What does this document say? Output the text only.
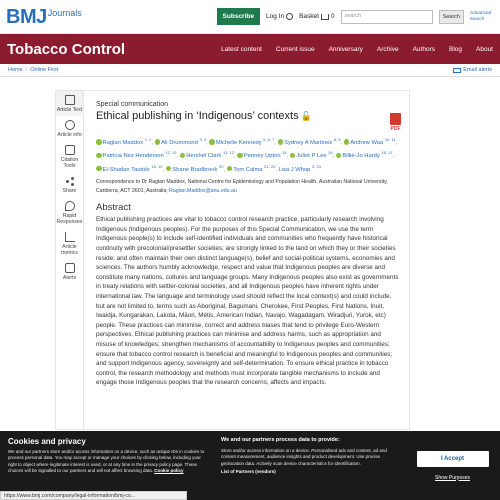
BMJ Journals	Subscribe	Log In Basket 0	search	Search
Advanced search
Tobacco Control	Latest content Current issue Anniversary Archive Authors Blog About
Home / Online First	Email alerts
Article Text
Article info
Citation Tools
Share
Rapid Responses
Article metrics
Alerts
Special communication
Ethical publishing in ‘Indigenous’ contexts 🔓
PDF
Raglan Maddox $^{1, 2}$, Ali Drummond $^{3, 4}$, Michelle Kennedy $^{5, 6, 7}$, Sydney A Martinez $^{8, 9}$, Andrew Waa $^{10, 11}$, Patricia Nez Henderson $^{12, 13}$, Hershel Clark $^{13, 12}$, Penney Upton $^{14}$, Juliet P Lee $^{15}$, Billie-Jo Hardy $^{16, 17}$, El-Shadan Tautolo $^{18, 19}$, Shane Bradbrook $^{20}$, Tom Calma $^{21, 22}$, Lisa J Whop $^{2, 23}$
Correspondence to Dr Raglan Maddox, National Centre for Epidemiology and Population Health, Australian National University, Canberra, ACT 2601, Australia; Raglan.Maddox@anu.edu.au
Abstract
Ethical publishing practices are vital to tobacco control research practice, particularly research involving Indigenous (Indigenous peoples). For the purposes of this Special Communication, we use the term Indigenous people(s) to include self-identified individuals and communities who frequently have historical continuity with precolonial/presettler societies; are strongly linked to the land on which they or their societies reside; and often maintain their own distinct language(s), belief and social-political systems, economies and sciences. The authors humbly acknowledge, respect and value that Indigenous peoples are diverse and constitute many nations, cultures and language groups. Many Indigenous peoples also exist as governments in treaty relations with settler-colonial societies, and all Indigenous peoples have inherent rights under international law. The language and terminology used should reflect the local context(s) and could include, but are not limited to, terms such as Aboriginal, Bagumani, Cherokee, First Peoples, First Nations, Inuit, Iwaidja, Kungarakan, Lakota, Māori, Métis, American Indian, Navajo, Wagadagam, Wiradjuri, Yurok, etc) people. These practices can minimise, correct and address biases that tend to privilege Euro-Western perspectives. Ethical publishing practices can minimise and address harms, such as appropriation and misuse of knowledges; strengthen mechanisms of accountability to Indigenous peoples and communities; ensure that tobacco control research is beneficial and meaningful to Indigenous peoples and communities; and support Indigenous agency, sovereignty and self-determination. To ensure ethical practice in tobacco control, the research methodology and methods must incorporate tangible mechanisms to include and engage those Indigenous peoples that the research concerns, affects and impacts.
Cookies and privacy
We and our partners store and/or access information on a device, such as unique IDs in cookies to process personal data. You may accept or manage your choices by clicking below, including your right to object where legitimate interest is used, or at any time in the privacy policy page. These choices will be signalled to our partners and will not affect browsing data. Cookie policy
We and our partners process data to provide:
Store and/or access information on a device. Personalised ads and content, ad and content measurement, audience insights and product development. Use precise geolocation data. Actively scan device characteristics for identification.
List of Partners (vendors)
I Accept
Show Purposes
https://www.bmj.com/company/legal-information/bmj-co...
